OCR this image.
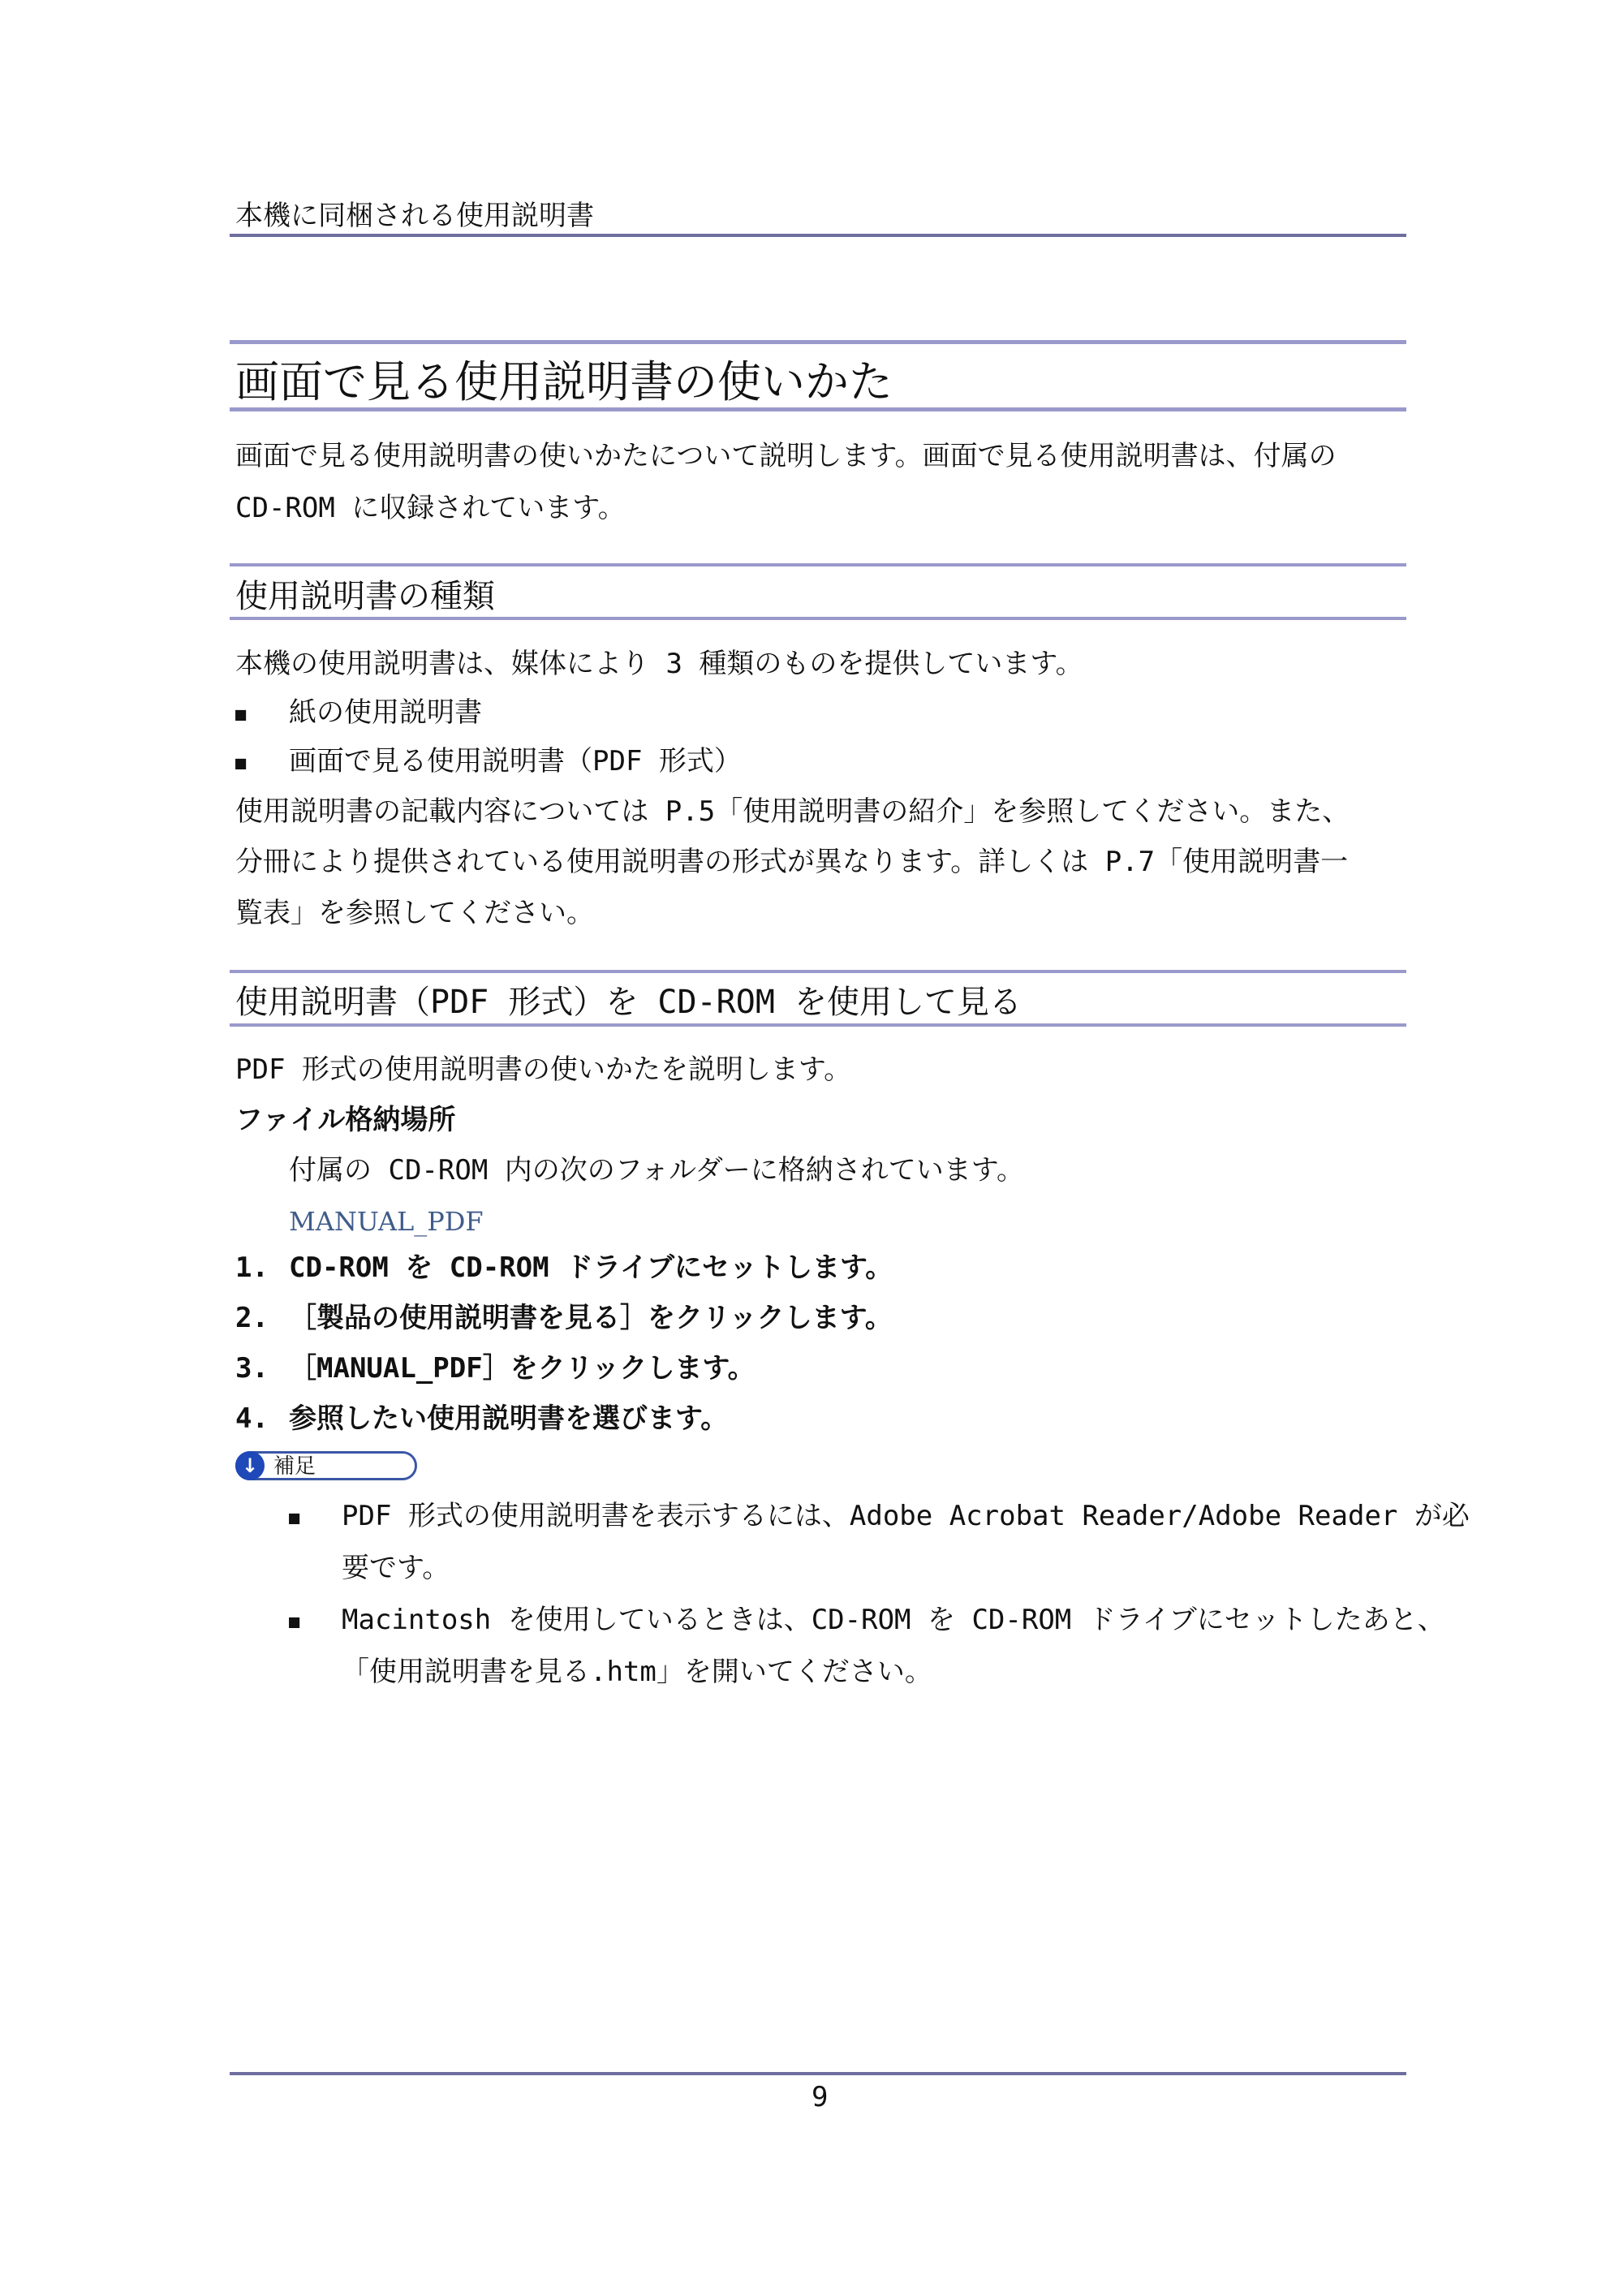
本機に同梱される使用説明書
画面で見る使用説明書の使いかた
画面で見る使用説明書の使いかたについて説明します。画面で見る使用説明書は、付属の
CD-ROM に収録されています。
使用説明書の種類
本機の使用説明書は、媒体により 3 種類のものを提供しています。
■ 紙の使用説明書
■ 画面で見る使用説明書（PDF 形式）
使用説明書の記載内容については P.5「使用説明書の紹介」を参照してください。また、
分冊により提供されている使用説明書の形式が異なります。詳しくは P.7「使用説明書一
覧表」を参照してください。
使用説明書（PDF 形式）を CD-ROM を使用して見る
PDF 形式の使用説明書の使いかたを説明します。
ファイル格納場所
付属の CD-ROM 内の次のフォルダーに格納されています。
MANUAL_PDF
1. CD-ROM を CD-ROM ドライブにセットします。
2. ［製品の使用説明書を見る］をクリックします。
3. ［MANUAL_PDF］をクリックします。
4. 参照したい使用説明書を選びます。
↓ 補足
■ PDF 形式の使用説明書を表示するには、Adobe Acrobat Reader/Adobe Reader が必
要です。
■ Macintosh を使用しているときは、CD-ROM を CD-ROM ドライブにセットしたあと、
「使用説明書を見る.htm」を開いてください。
9
